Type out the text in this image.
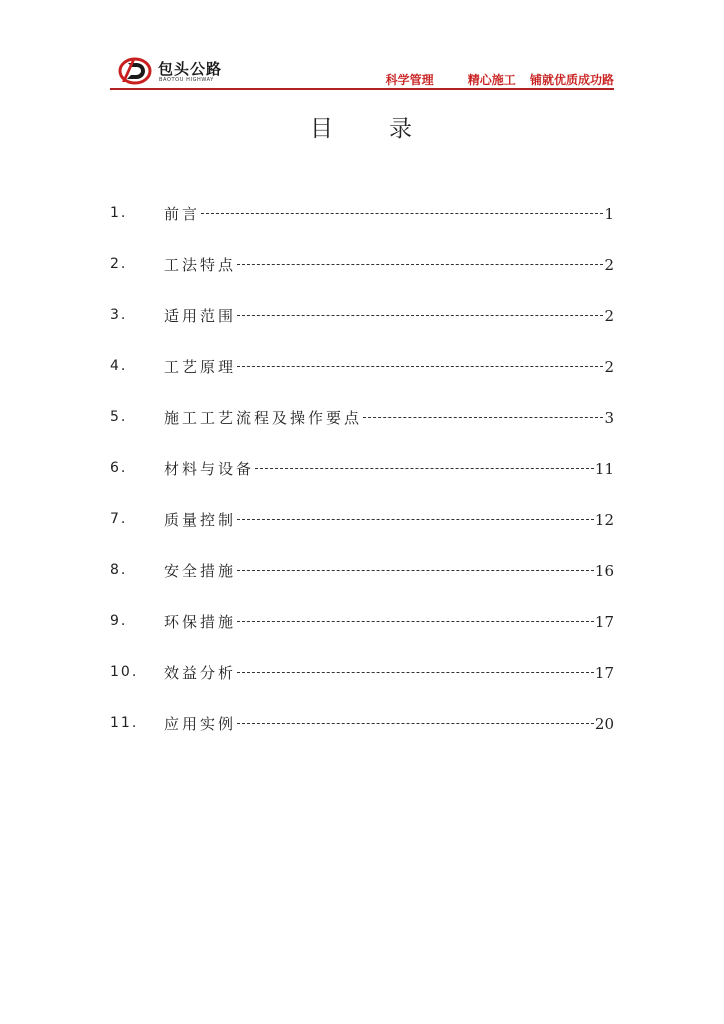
包头公路
BAOTOU HIGHWAY	科学管理	精心施工 铺就优质成功路
目 录
1. 前言	1
2. 工法特点	2
3. 适用范围	2
4. 工艺原理	2
5. 施工工艺流程及操作要点	3
6. 材料与设备	11
7. 质量控制	12
8. 安全措施	16
9. 环保措施	17
10. 效益分析	17
11. 应用实例	20
